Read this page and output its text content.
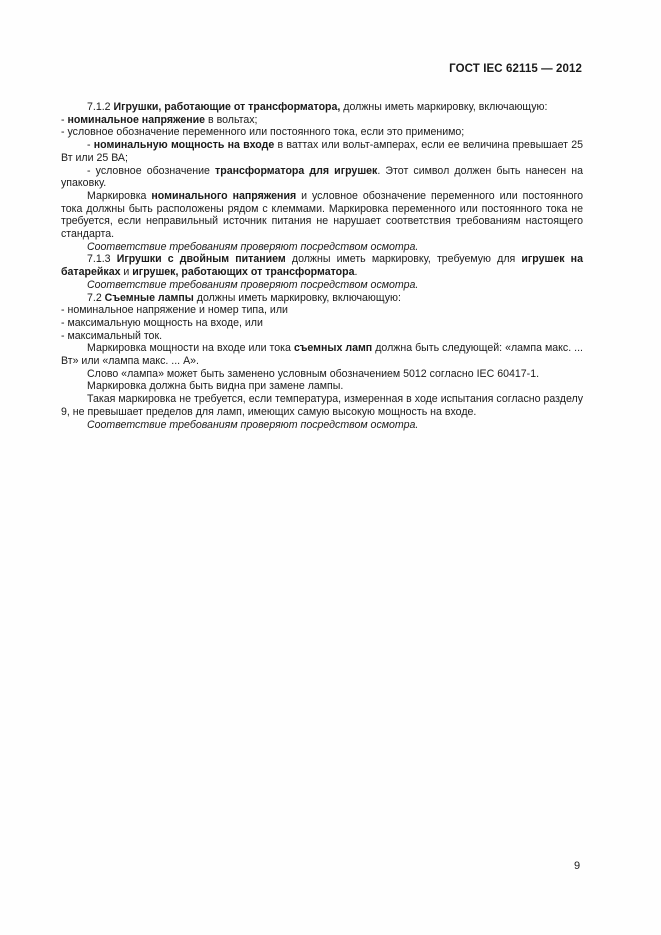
ГОСТ IEC 62115 — 2012

7.1.2 Игрушки, работающие от трансформатора, должны иметь маркировку, включающую:

- номинальное напряжение в вольтах;

- условное обозначение переменного или постоянного тока, если это применимо;

- номинальную мощность на входе в ваттах или вольт-амперах, если ее величина превышает 25 Вт или 25 ВА;

- условное обозначение трансформатора для игрушек. Этот символ должен быть нанесен на упаковку.

Маркировка номинального напряжения и условное обозначение переменного или постоянного тока должны быть расположены рядом с клеммами. Маркировка переменного или постоянного тока не требуется, если неправильный источник питания не нарушает соответствия требованиям настоящего стандарта.

Соответствие требованиям проверяют посредством осмотра.

7.1.3 Игрушки с двойным питанием должны иметь маркировку, требуемую для игрушек на батарейках и игрушек, работающих от трансформатора.

Соответствие требованиям проверяют посредством осмотра.

7.2 Съемные лампы должны иметь маркировку, включающую:

- номинальное напряжение и номер типа, или

- максимальную мощность на входе, или

- максимальный ток.

Маркировка мощности на входе или тока съемных ламп должна быть следующей: «лампа макс. ... Вт» или «лампа макс. ... А».

Слово «лампа» может быть заменено условным обозначением 5012 согласно IEC 60417-1.

Маркировка должна быть видна при замене лампы.

Такая маркировка не требуется, если температура, измеренная в ходе испытания согласно разделу 9, не превышает пределов для ламп, имеющих самую высокую мощность на входе.

Соответствие требованиям проверяют посредством осмотра.

9
